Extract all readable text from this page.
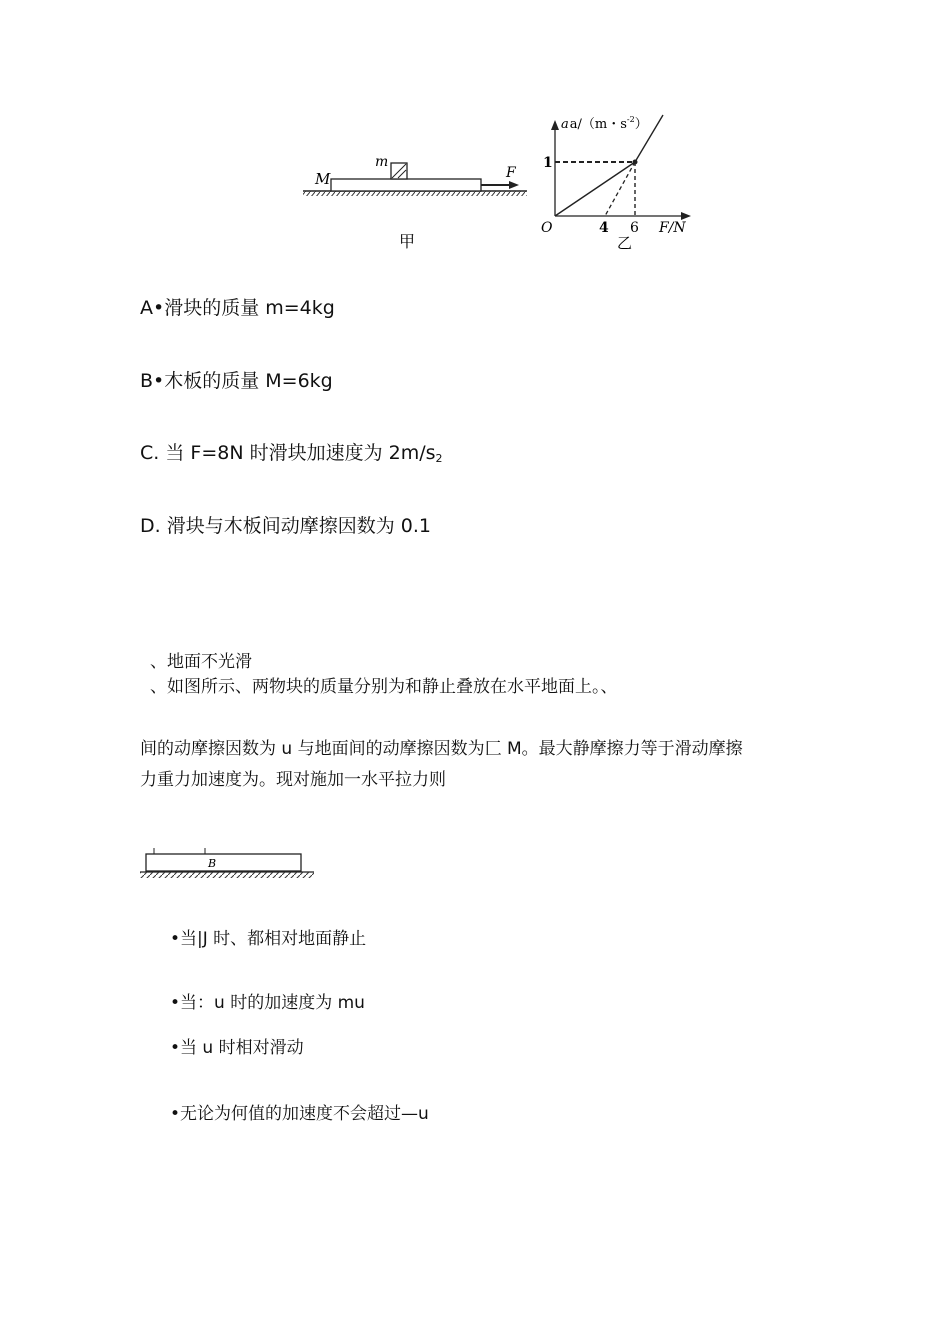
M
m
F
甲
aa/（m・$s^{-2}$）
1
O	4 6 F/N
乙
A•滑块的质量 m=4kg
B•木板的质量 M=6kg
C. 当 F=8N 时滑块加速度为 $2m/s_2$
D. 滑块与木板间动摩擦因数为 0.1
、地面不光滑
、如图所示、两物块的质量分别为和静止叠放在水平地面上。、
间的动摩擦因数为 u 与地面间的动摩擦因数为匚 M。最大静摩擦力等于滑动摩擦
力重力加速度为。现对施加一水平拉力则
B
•当|J 时、都相对地面静止
•当：u 时的加速度为 mu
•当 u 时相对滑动
•无论为何值的加速度不会超过—u
